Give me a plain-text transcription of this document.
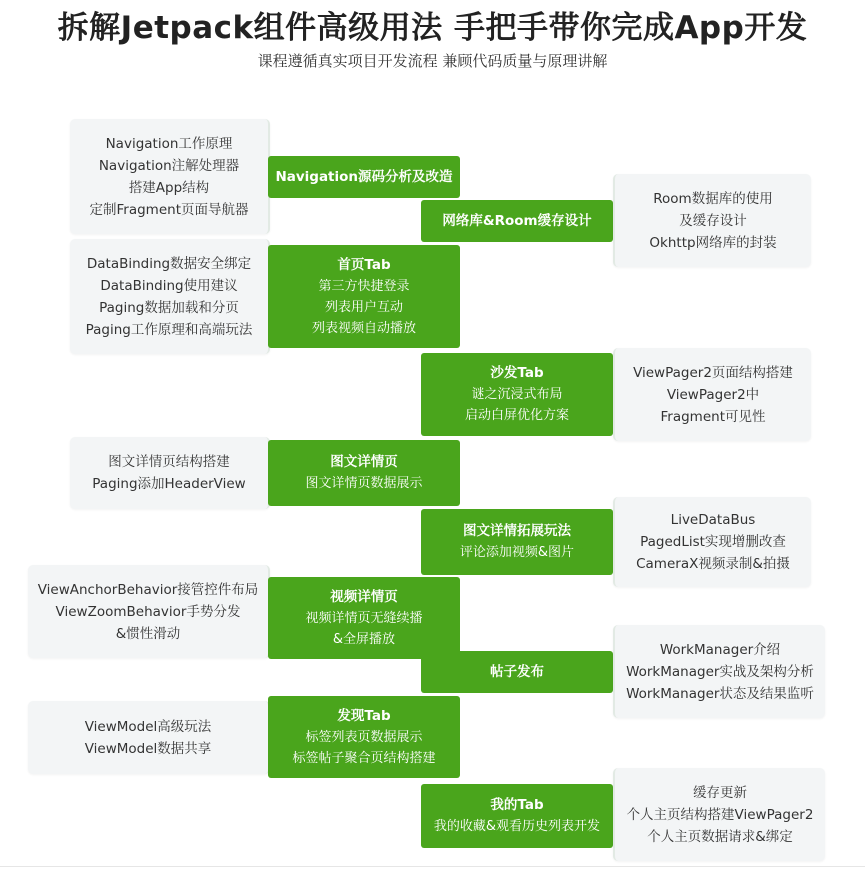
拆解Jetpack组件高级用法 手把手带你完成App开发
课程遵循真实项目开发流程 兼顾代码质量与原理讲解
Navigation工作原理
Navigation注解处理器
搭建App结构
定制Fragment页面导航器
Navigation源码分析及改造
网络库&Room缓存设计
Room数据库的使用
及缓存设计
Okhttp网络库的封装
DataBinding数据安全绑定
DataBinding使用建议
Paging数据加载和分页
Paging工作原理和高端玩法
首页Tab
第三方快捷登录
列表用户互动
列表视频自动播放
沙发Tab
谜之沉浸式布局
启动白屏优化方案
ViewPager2页面结构搭建
ViewPager2中
Fragment可见性
图文详情页结构搭建
Paging添加HeaderView
图文详情页
图文详情页数据展示
图文详情拓展玩法
评论添加视频&图片
LiveDataBus
PagedList实现增删改查
CameraX视频录制&拍摄
ViewAnchorBehavior接管控件布局
ViewZoomBehavior手势分发
&惯性滑动
视频详情页
视频详情页无缝续播
&全屏播放
帖子发布
WorkManager介绍
WorkManager实战及架构分析
WorkManager状态及结果监听
ViewModel高级玩法
ViewModel数据共享
发现Tab
标签列表页数据展示
标签帖子聚合页结构搭建
我的Tab
我的收藏&观看历史列表开发
缓存更新
个人主页结构搭建ViewPager2
个人主页数据请求&绑定
